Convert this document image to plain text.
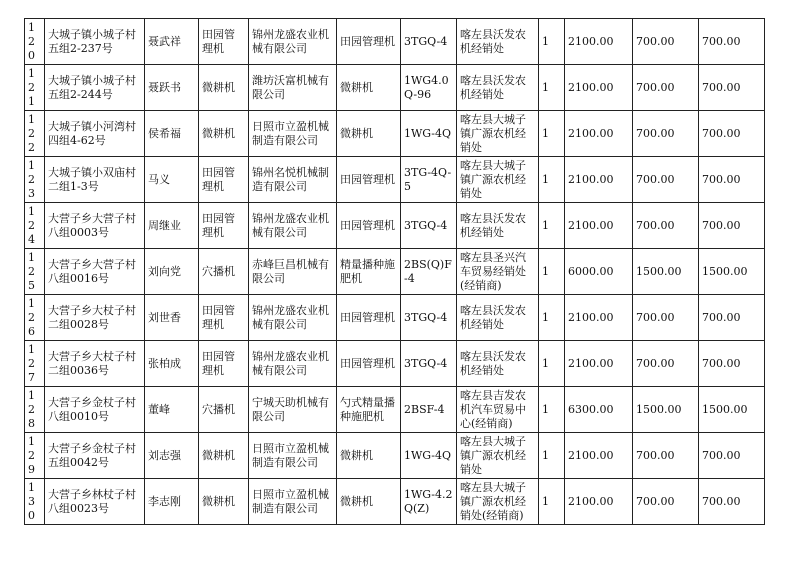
120	大城子镇小城子村五组2-237号	聂武祥	田园管理机	锦州龙盛农业机械有限公司	田园管理机	3TGQ-4	喀左县沃发农机经销处	1	2100.00	700.00	700.00
121	大城子镇小城子村五组2-244号	聂跃书	微耕机	潍坊沃富机械有限公司	微耕机	1WG4.0Q-96	喀左县沃发农机经销处	1	2100.00	700.00	700.00
122	大城子镇小河湾村四组4-62号	侯希福	微耕机	日照市立盈机械制造有限公司	微耕机	1WG-4Q	喀左县大城子镇广源农机经销处	1	2100.00	700.00	700.00
123	大城子镇小双庙村二组1-3号	马义	田园管理机	锦州名悦机械制造有限公司	田园管理机	3TG-4Q-5	喀左县大城子镇广源农机经销处	1	2100.00	700.00	700.00
124	大营子乡大营子村八组0003号	周继业	田园管理机	锦州龙盛农业机械有限公司	田园管理机	3TGQ-4	喀左县沃发农机经销处	1	2100.00	700.00	700.00
125	大营子乡大营子村八组0016号	刘向党	穴播机	赤峰巨昌机械有限公司	精量播种施肥机	2BS(Q)F-4	喀左县圣兴汽车贸易经销处(经销商)	1	6000.00	1500.00	1500.00
126	大营子乡大杖子村二组0028号	刘世香	田园管理机	锦州龙盛农业机械有限公司	田园管理机	3TGQ-4	喀左县沃发农机经销处	1	2100.00	700.00	700.00
127	大营子乡大杖子村二组0036号	张柏成	田园管理机	锦州龙盛农业机械有限公司	田园管理机	3TGQ-4	喀左县沃发农机经销处	1	2100.00	700.00	700.00
128	大营子乡金杖子村八组0010号	董峰	穴播机	宁城天助机械有限公司	勺式精量播种施肥机	2BSF-4	喀左县吉发农机汽车贸易中心(经销商)	1	6300.00	1500.00	1500.00
129	大营子乡金杖子村五组0042号	刘志强	微耕机	日照市立盈机械制造有限公司	微耕机	1WG-4Q	喀左县大城子镇广源农机经销处	1	2100.00	700.00	700.00
130	大营子乡林杖子村八组0023号	李志刚	微耕机	日照市立盈机械制造有限公司	微耕机	1WG-4.2Q(Z)	喀左县大城子镇广源农机经销处(经销商)	1	2100.00	700.00	700.00
